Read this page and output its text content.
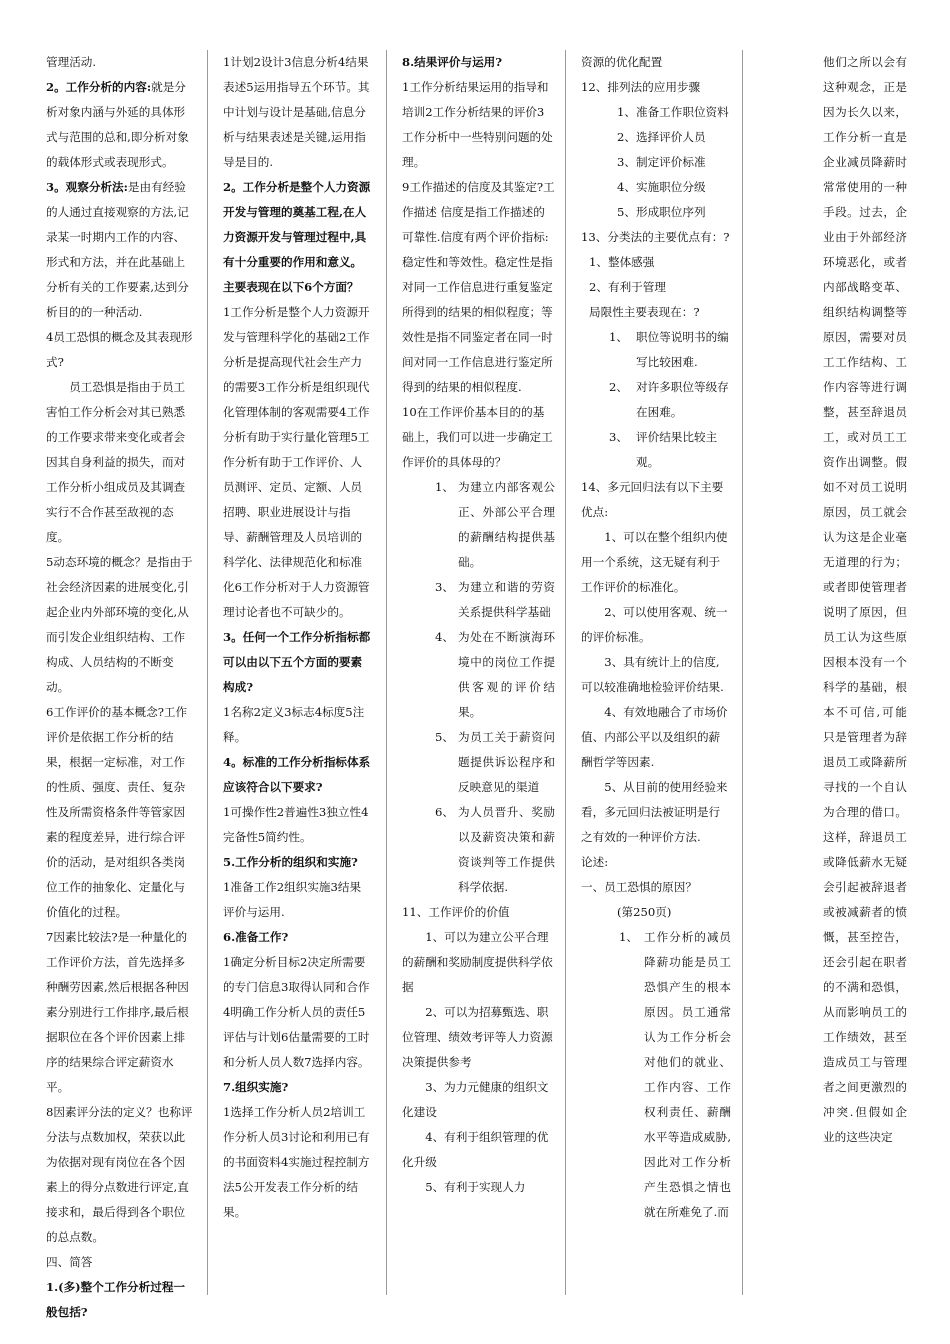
管理活动.

2。工作分析的内容:就是分析对象内涵与外延的具体形式与范围的总和,即分析对象的载体形式或表现形式。

3。观察分析法:是由有经验的人通过直接观察的方法,记录某一时期内工作的内容、形式和方法，并在此基础上分析有关的工作要素,达到分析目的的一种活动.

4员工恐惧的概念及其表现形式?

员工恐惧是指由于员工害怕工作分析会对其已熟悉的工作要求带来变化或者会因其自身利益的损失，而对工作分析小组成员及其调查实行不合作甚至敌视的态度。

5动态环境的概念？是指由于社会经济因素的进展变化,引起企业内外部环境的变化,从而引发企业组织结构、工作构成、人员结构的不断变动。

6工作评价的基本概念?工作评价是依据工作分析的结果，根据一定标准，对工作的性质、强度、责任、复杂性及所需资格条件等管家因素的程度差异，进行综合评价的活动，是对组织各类岗位工作的抽象化、定量化与价值化的过程。

7因素比较法?是一种量化的工作评价方法，首先选择多种酬劳因素,然后根据各种因素分别进行工作排序,最后根据职位在各个评价因素上排序的结果综合评定薪资水平。

8因素评分法的定义？也称评分法与点数加权，荣获以此为依据对现有岗位在各个因素上的得分点数进行评定,直接求和，最后得到各个职位的总点数。

四、简答

1.(多)整个工作分析过程一般包括?

1计划2设计3信息分析4结果表述5运用指导五个环节。其中计划与设计是基础,信息分析与结果表述是关键,运用指导是目的.

2。工作分析是整个人力资源开发与管理的奠基工程,在人力资源开发与管理过程中,具有十分重要的作用和意义。主要表现在以下6个方面？

1工作分析是整个人力资源开发与管理科学化的基础2工作分析是提高现代社会生产力的需要3工作分析是组织现代化管理体制的客观需要4工作分析有助于实行量化管理5工作分析有助于工作评价、人员测评、定员、定额、人员招聘、职业进展设计与指导、薪酬管理及人员培训的科学化、法律规范化和标准化6工作分析对于人力资源管理讨论者也不可缺少的。

3。任何一个工作分析指标都可以由以下五个方面的要素构成?

1名称2定义3标志4标度5注释。

4。标准的工作分析指标体系应该符合以下要求?

1可操作性2普遍性3独立性4完备性5简约性。

5.工作分析的组织和实施?

1准备工作2组织实施3结果评价与运用.

6.准备工作?

1确定分析目标2决定所需要的专门信息3取得认同和合作4明确工作分析人员的责任5评估与计划6估量需要的工时和分析人员人数7选择内容。

7.组织实施?

1选择工作分析人员2培训工作分析人员3讨论和利用已有的书面资料4实施过程控制方法5公开发表工作分析的结果。

8.结果评价与运用?

1工作分析结果运用的指导和培训2工作分析结果的评价3工作分析中一些特别问题的处理。

9工作描述的信度及其鉴定?工作描述 信度是指工作描述的可靠性.信度有两个评价指标:稳定性和等效性。稳定性是指对同一工作信息进行重复鉴定所得到的结果的相似程度；等效性是指不同鉴定者在同一时间对同一工作信息进行鉴定所得到的结果的相似程度.

10在工作评价基本目的的基础上，我们可以进一步确定工作评价的具体母的？

1、 为建立内部客观公正、外部公平合理的薪酬结构提供基础。
3、 为建立和谐的劳资关系提供科学基础
4、 为处在不断演海环境中的岗位工作提供客观的评价结果。
5、 为员工关于薪资问题提供诉讼程序和反映意见的渠道
6、 为人员晋升、奖励以及薪资决策和薪资谈判等工作提供科学依据.

11、工作评价的价值

1、可以为建立公平合理的薪酬和奖励制度提供科学依据

2、可以为招募甄选、职位管理、绩效考评等人力资源决策提供参考

3、为力元健康的组织文化建设

4、有利于组织管理的优化升级

5、有利于实现人力

资源的优化配置

12、排列法的应用步骤

1、准备工作职位资料

2、选择评价人员

3、制定评价标准

4、实施职位分级

5、形成职位序列

13、分类法的主要优点有：?

1、整体感强

2、有利于管理

局限性主要表现在：?

1、 职位等说明书的编写比较困难.
2、 对许多职位等级存在困难。
3、 评价结果比较主观。

14、多元回归法有以下主要优点:

1、可以在整个组织内使用一个系统，这无疑有利于工作评价的标准化。

2、可以使用客观、统一的评价标准。

3、具有统计上的信度,可以较准确地检验评价结果.

4、有效地融合了市场价值、内部公平以及组织的薪酬哲学等因素.

5、从目前的使用经验来看，多元回归法被证明是行之有效的一种评价方法.

论述:

一、员工恐惧的原因？

(第250页)

1、 工作分析的减员降薪功能是员工恐惧产生的根本原因。员工通常认为工作分析会对他们的就业、工作内容、工作权利责任、薪酬水平等造成威胁,因此对工作分析产生恐惧之情也就在所难免了.而

他们之所以会有这种观念，正是因为长久以来，工作分析一直是企业减员降薪时常常使用的一种手段。过去，企业由于外部经济环境恶化，或者内部战略变革、组织结构调整等原因，需要对员工工作结构、工作内容等进行调整，甚至辞退员工，或对员工工资作出调整。假如不对员工说明原因，员工就会认为这是企业毫无道理的行为；或者即使管理者说明了原因，但员工认为这些原因根本没有一个科学的基础，根本不可信,可能只是管理者为辞退员工或降薪所寻找的一个自认为合理的借口。这样，辞退员工或降低薪水无疑会引起被辞退者或被减薪者的愤慨，甚至控告，还会引起在职者的不满和恐惧，从而影响员工的工作绩效，甚至造成员工与管理者之间更激烈的冲突.但假如企业的这些决定
